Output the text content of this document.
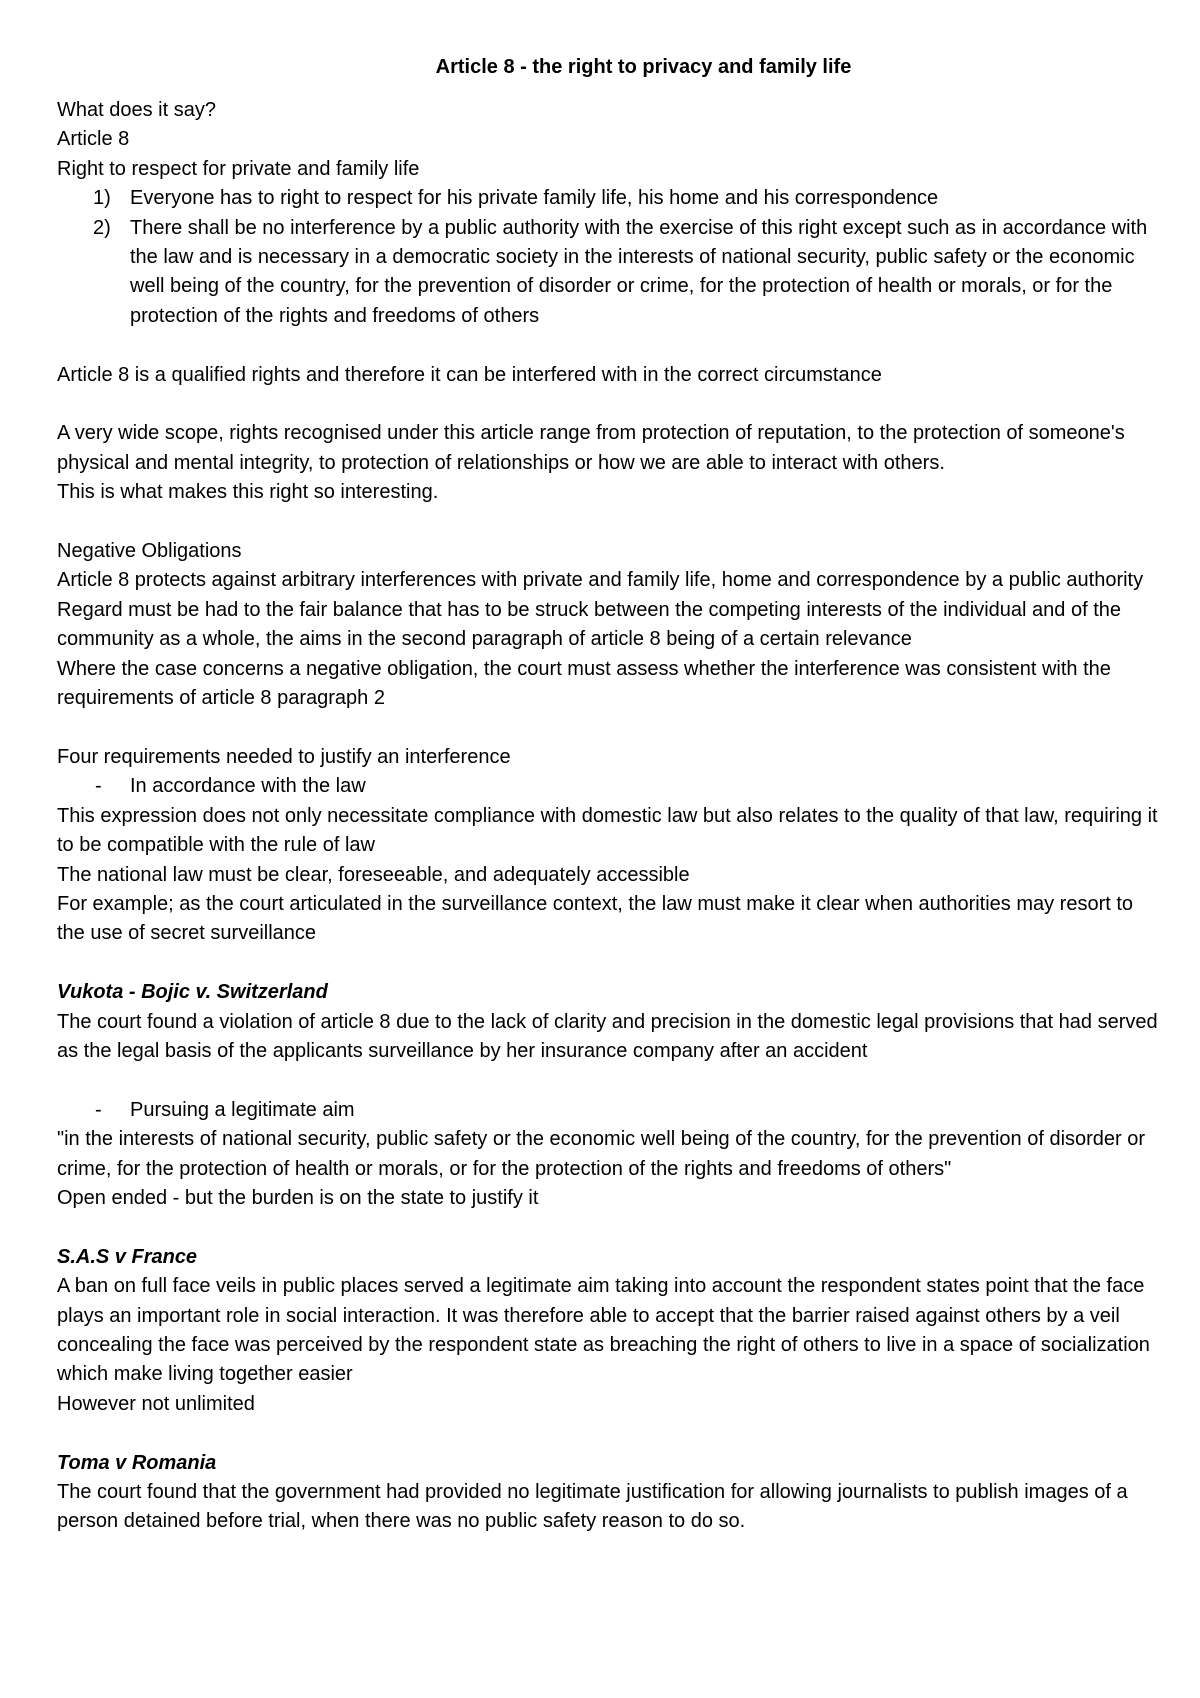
Article 8 - the right to privacy and family life
What does it say?
Article 8
Right to respect for private and family life
1) Everyone has to right to respect for his private family life, his home and his correspondence
2) There shall be no interference by a public authority with the exercise of this right except such as in accordance with the law and is necessary in a democratic society in the interests of national security, public safety or the economic well being of the country, for the prevention of disorder or crime, for the protection of health or morals, or for the protection of the rights and freedoms of others
Article 8 is a qualified rights and therefore it can be interfered with in the correct circumstance
A very wide scope, rights recognised under this article range from protection of reputation, to the protection of someone's physical and mental integrity, to protection of relationships or how we are able to interact with others.
This is what makes this right so interesting.
Negative Obligations
Article 8 protects against arbitrary interferences with private and family life, home and correspondence by a public authority
Regard must be had to the fair balance that has to be struck between the competing interests of the individual and of the community as a whole, the aims in the second paragraph of article 8 being of a certain relevance
Where the case concerns a negative obligation, the court must assess whether the interference was consistent with the requirements of article 8 paragraph 2
Four requirements needed to justify an interference
- In accordance with the law
This expression does not only necessitate compliance with domestic law but also relates to the quality of that law, requiring it to be compatible with the rule of law
The national law must be clear, foreseeable, and adequately accessible
For example; as the court articulated in the surveillance context, the law must make it clear when authorities may resort to the use of secret surveillance
Vukota - Bojic v. Switzerland
The court found a violation of article 8 due to the lack of clarity and precision in the domestic legal provisions that had served as the legal basis of the applicants surveillance by her insurance company after an accident
- Pursuing a legitimate aim
"in the interests of national security, public safety or the economic well being of the country, for the prevention of disorder or crime, for the protection of health or morals, or for the protection of the rights and freedoms of others"
Open ended - but the burden is on the state to justify it
S.A.S v France
A ban on full face veils in public places served a legitimate aim taking into account the respondent states point that the face plays an important role in social interaction. It was therefore able to accept that the barrier raised against others by a veil concealing the face was perceived by the respondent state as breaching the right of others to live in a space of socialization which make living together easier
However not unlimited
Toma v Romania
The court found that the government had provided no legitimate justification for allowing journalists to publish images of a person detained before trial, when there was no public safety reason to do so.
